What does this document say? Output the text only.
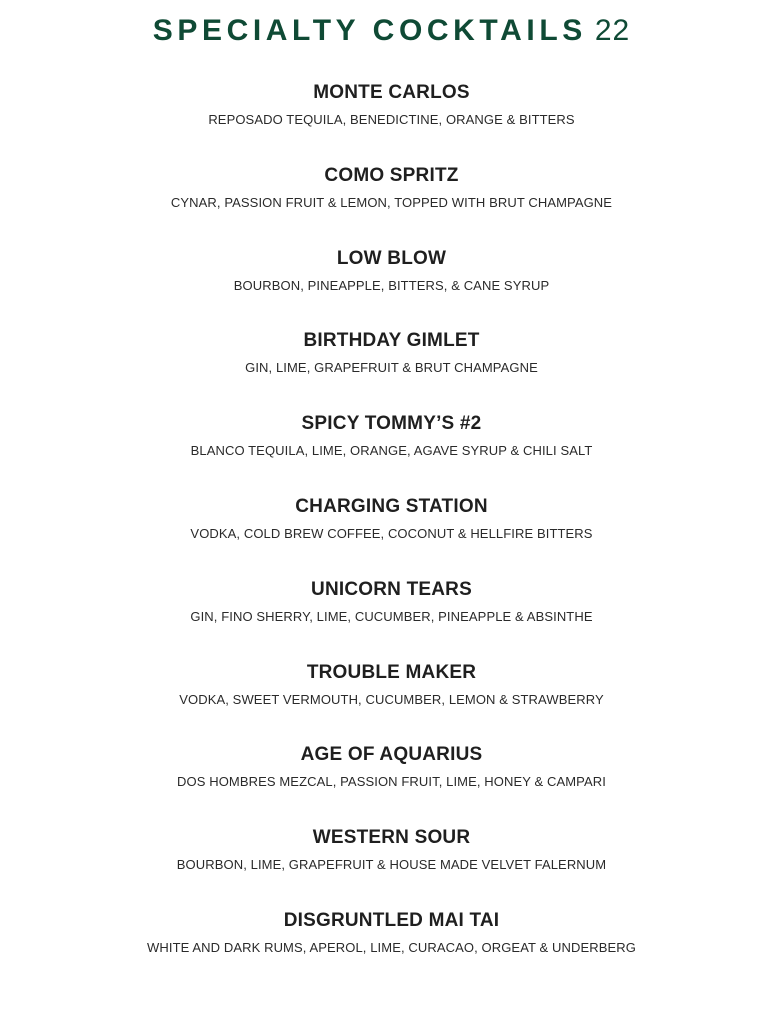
SPECIALTY COCKTAILS 22
MONTE CARLOS
REPOSADO TEQUILA, BENEDICTINE, ORANGE & BITTERS
COMO SPRITZ
CYNAR, PASSION FRUIT & LEMON, TOPPED WITH BRUT CHAMPAGNE
LOW BLOW
BOURBON, PINEAPPLE, BITTERS, & CANE SYRUP
BIRTHDAY GIMLET
GIN, LIME, GRAPEFRUIT & BRUT CHAMPAGNE
SPICY TOMMY’S #2
BLANCO TEQUILA, LIME, ORANGE, AGAVE SYRUP & CHILI SALT
CHARGING STATION
VODKA, COLD BREW COFFEE, COCONUT & HELLFIRE BITTERS
UNICORN TEARS
GIN, FINO SHERRY, LIME, CUCUMBER, PINEAPPLE & ABSINTHE
TROUBLE MAKER
VODKA, SWEET VERMOUTH, CUCUMBER, LEMON & STRAWBERRY
AGE OF AQUARIUS
DOS HOMBRES MEZCAL, PASSION FRUIT, LIME, HONEY & CAMPARI
WESTERN SOUR
BOURBON, LIME, GRAPEFRUIT & HOUSE MADE VELVET FALERNUM
DISGRUNTLED MAI TAI
WHITE AND DARK RUMS, APEROL, LIME, CURACAO, ORGEAT & UNDERBERG
